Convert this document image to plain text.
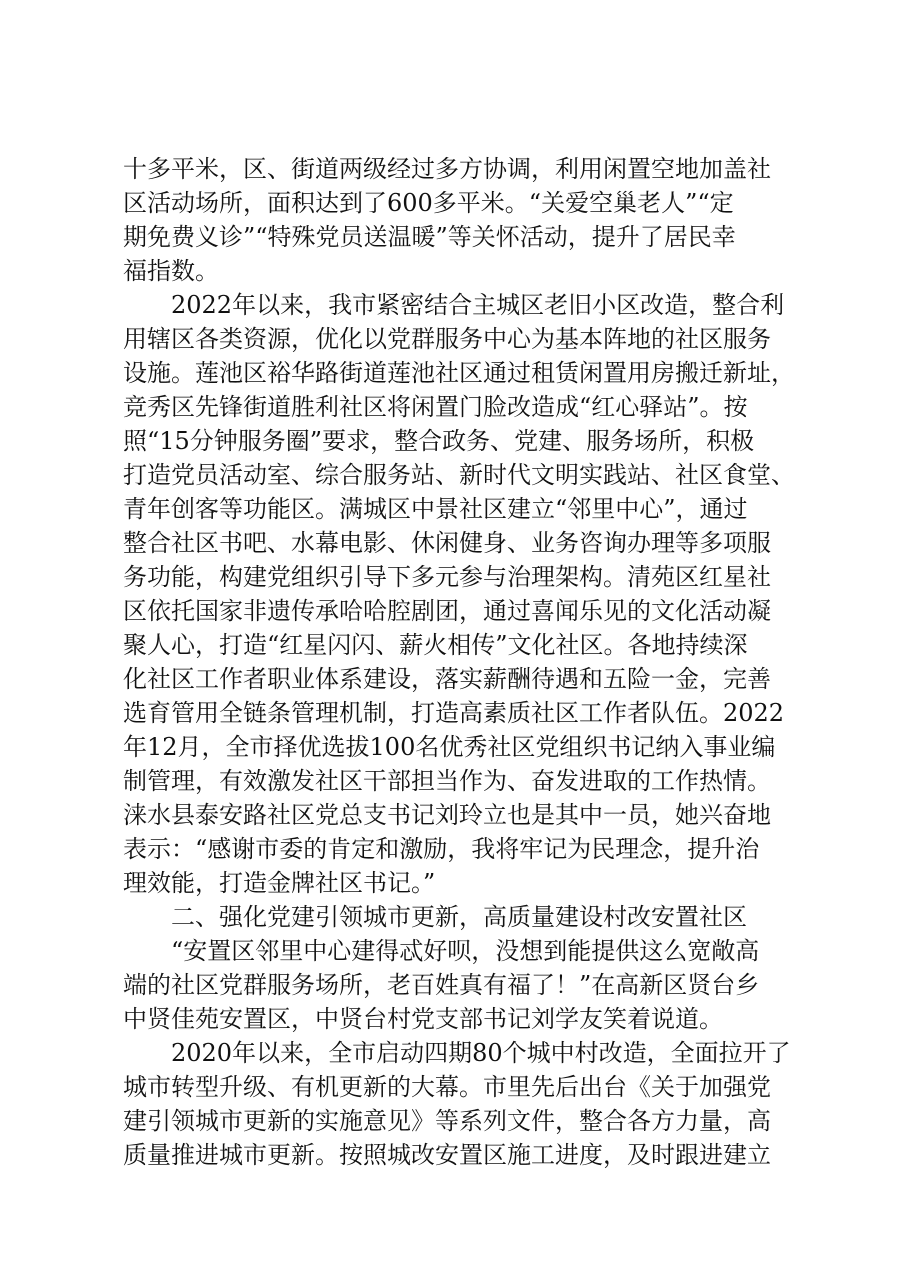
十多平米，区、街道两级经过多方协调，利用闲置空地加盖社
区活动场所，面积达到了600多平米。“关爱空巢老人”“定
期免费义诊”“特殊党员送温暖”等关怀活动，提升了居民幸
福指数。
2022年以来，我市紧密结合主城区老旧小区改造，整合利
用辖区各类资源，优化以党群服务中心为基本阵地的社区服务
设施。莲池区裕华路街道莲池社区通过租赁闲置用房搬迁新址，
竞秀区先锋街道胜利社区将闲置门脸改造成“红心驿站”。按
照“15分钟服务圈”要求，整合政务、党建、服务场所，积极
打造党员活动室、综合服务站、新时代文明实践站、社区食堂、
青年创客等功能区。满城区中景社区建立“邻里中心”，通过
整合社区书吧、水幕电影、休闲健身、业务咨询办理等多项服
务功能，构建党组织引导下多元参与治理架构。清苑区红星社
区依托国家非遗传承哈哈腔剧团，通过喜闻乐见的文化活动凝
聚人心，打造“红星闪闪、薪火相传”文化社区。各地持续深
化社区工作者职业体系建设，落实薪酬待遇和五险一金，完善
选育管用全链条管理机制，打造高素质社区工作者队伍。2022
年12月，全市择优选拔100名优秀社区党组织书记纳入事业编
制管理，有效激发社区干部担当作为、奋发进取的工作热情。
涞水县泰安路社区党总支书记刘玲立也是其中一员，她兴奋地
表示：“感谢市委的肯定和激励，我将牢记为民理念，提升治
理效能，打造金牌社区书记。”
二、强化党建引领城市更新，高质量建设村改安置社区
“安置区邻里中心建得忒好呗，没想到能提供这么宽敞高
端的社区党群服务场所，老百姓真有福了！”在高新区贤台乡
中贤佳苑安置区，中贤台村党支部书记刘学友笑着说道。
2020年以来，全市启动四期80个城中村改造，全面拉开了
城市转型升级、有机更新的大幕。市里先后出台《关于加强党
建引领城市更新的实施意见》等系列文件，整合各方力量，高
质量推进城市更新。按照城改安置区施工进度，及时跟进建立
